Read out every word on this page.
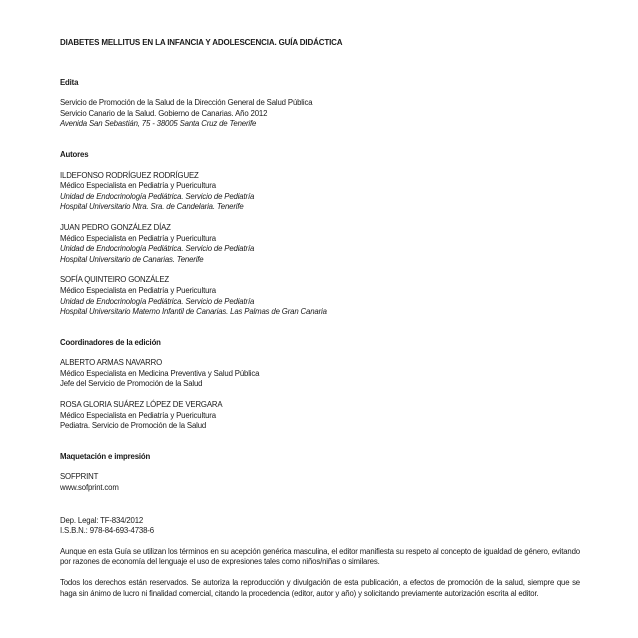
DIABETES MELLITUS EN LA INFANCIA Y ADOLESCENCIA. GUÍA DIDÁCTICA

Edita

Servicio de Promoción de la Salud de la Dirección General de Salud Pública
Servicio Canario de la Salud. Gobierno de Canarias. Año 2012
Avenida San Sebastián, 75 - 38005 Santa Cruz de Tenerife

Autores

ILDEFONSO RODRÍGUEZ RODRÍGUEZ
Médico Especialista en Pediatría y Puericultura
Unidad de Endocrinología Pediátrica. Servicio de Pediatría
Hospital Universitario Ntra. Sra. de Candelaria. Tenerife
JUAN PEDRO GONZÁLEZ DÍAZ
Médico Especialista en Pediatría y Puericultura
Unidad de Endocrinología Pediátrica. Servicio de Pediatría
Hospital Universitario de Canarias. Tenerife
SOFÍA QUINTEIRO GONZÁLEZ
Médico Especialista en Pediatría y Puericultura
Unidad de Endocrinología Pediátrica. Servicio de Pediatría
Hospital Universitario Materno Infantil de Canarias. Las Palmas de Gran Canaria

Coordinadores de la edición

ALBERTO ARMAS NAVARRO
Médico Especialista en Medicina Preventiva y Salud Pública
Jefe del Servicio de Promoción de la Salud
ROSA GLORIA SUÁREZ LÓPEZ DE VERGARA
Médico Especialista en Pediatría y Puericultura
Pediatra. Servicio de Promoción de la Salud

Maquetación e impresión

SOFPRINT
www.sofprint.com
Dep. Legal: TF-834/2012
I.S.B.N.: 978-84-693-4738-6

Aunque en esta Guía se utilizan los términos en su acepción genérica masculina, el editor manifiesta su respeto al concepto de igualdad de género, evitando por razones de economía del lenguaje el uso de expresiones tales como niños/niñas o similares.

Todos los derechos están reservados. Se autoriza la reproducción y divulgación de esta publicación, a efectos de promoción de la salud, siempre que se haga sin ánimo de lucro ni finalidad comercial, citando la procedencia (editor, autor y año) y solicitando previamente autorización escrita al editor.
